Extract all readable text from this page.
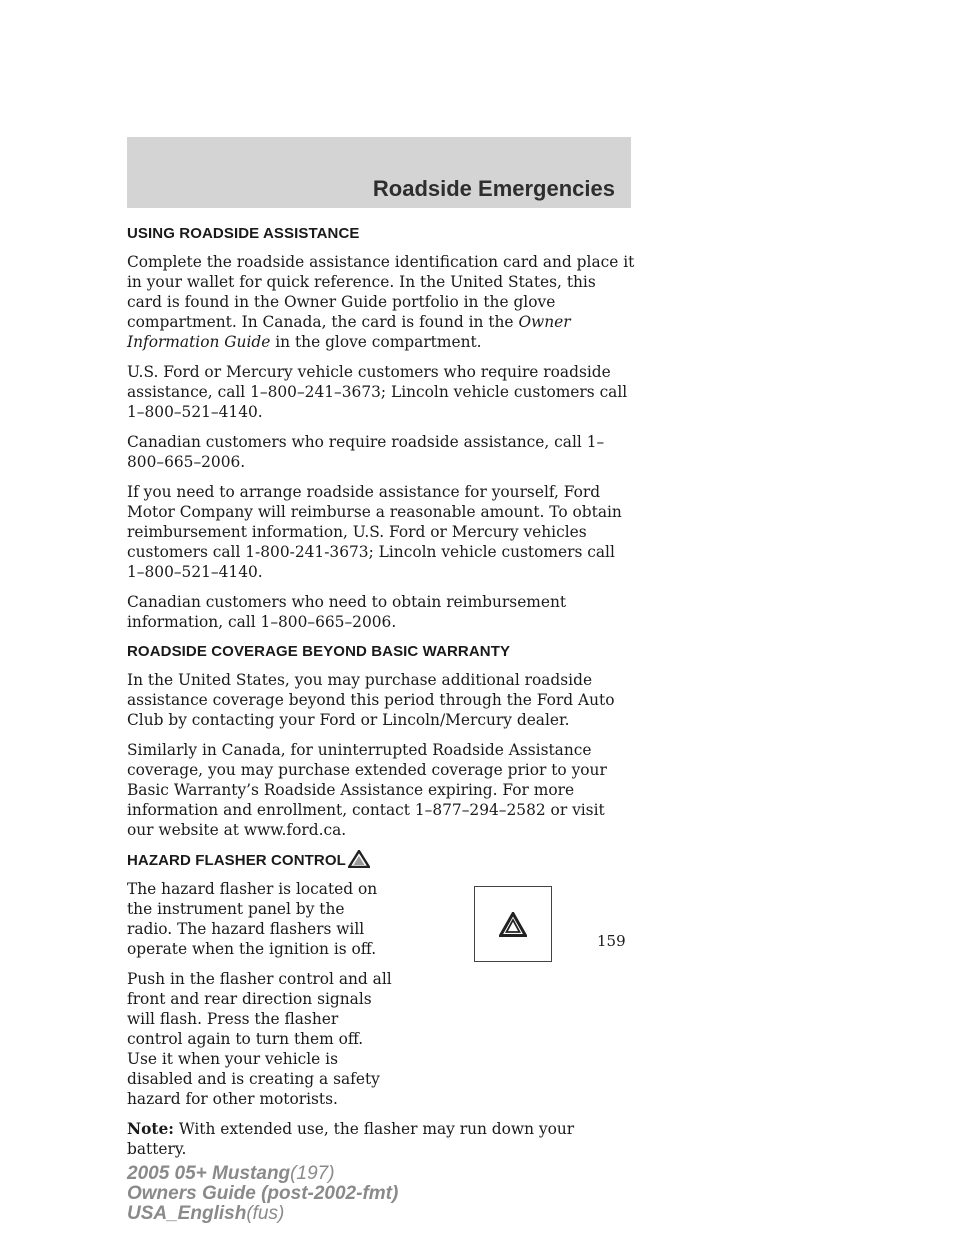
Roadside Emergencies
USING ROADSIDE ASSISTANCE

Complete the roadside assistance identification card and place it in your wallet for quick reference. In the United States, this card is found in the Owner Guide portfolio in the glove compartment. In Canada, the card is found in the Owner Information Guide in the glove compartment.

U.S. Ford or Mercury vehicle customers who require roadside assistance, call 1–800–241–3673; Lincoln vehicle customers call 1–800–521–4140.

Canadian customers who require roadside assistance, call 1–800–665–2006.

If you need to arrange roadside assistance for yourself, Ford Motor Company will reimburse a reasonable amount. To obtain reimbursement information, U.S. Ford or Mercury vehicles customers call 1-800-241-3673; Lincoln vehicle customers call 1–800–521–4140.

Canadian customers who need to obtain reimbursement information, call 1–800–665–2006.

ROADSIDE COVERAGE BEYOND BASIC WARRANTY

In the United States, you may purchase additional roadside assistance coverage beyond this period through the Ford Auto Club by contacting your Ford or Lincoln/Mercury dealer.

Similarly in Canada, for uninterrupted Roadside Assistance coverage, you may purchase extended coverage prior to your Basic Warranty’s Roadside Assistance expiring. For more information and enrollment, contact 1–877–294–2582 or visit our website at www.ford.ca.

HAZARD FLASHER CONTROL

The hazard flasher is located on the instrument panel by the radio. The hazard flashers will operate when the ignition is off.

Push in the flasher control and all front and rear direction signals will flash. Press the flasher control again to turn them off. Use it when your vehicle is disabled and is creating a safety hazard for other motorists.

Note: With extended use, the flasher may run down your battery.

159
2005 05+ Mustang(197)
Owners Guide (post-2002-fmt)
USA_English(fus)
